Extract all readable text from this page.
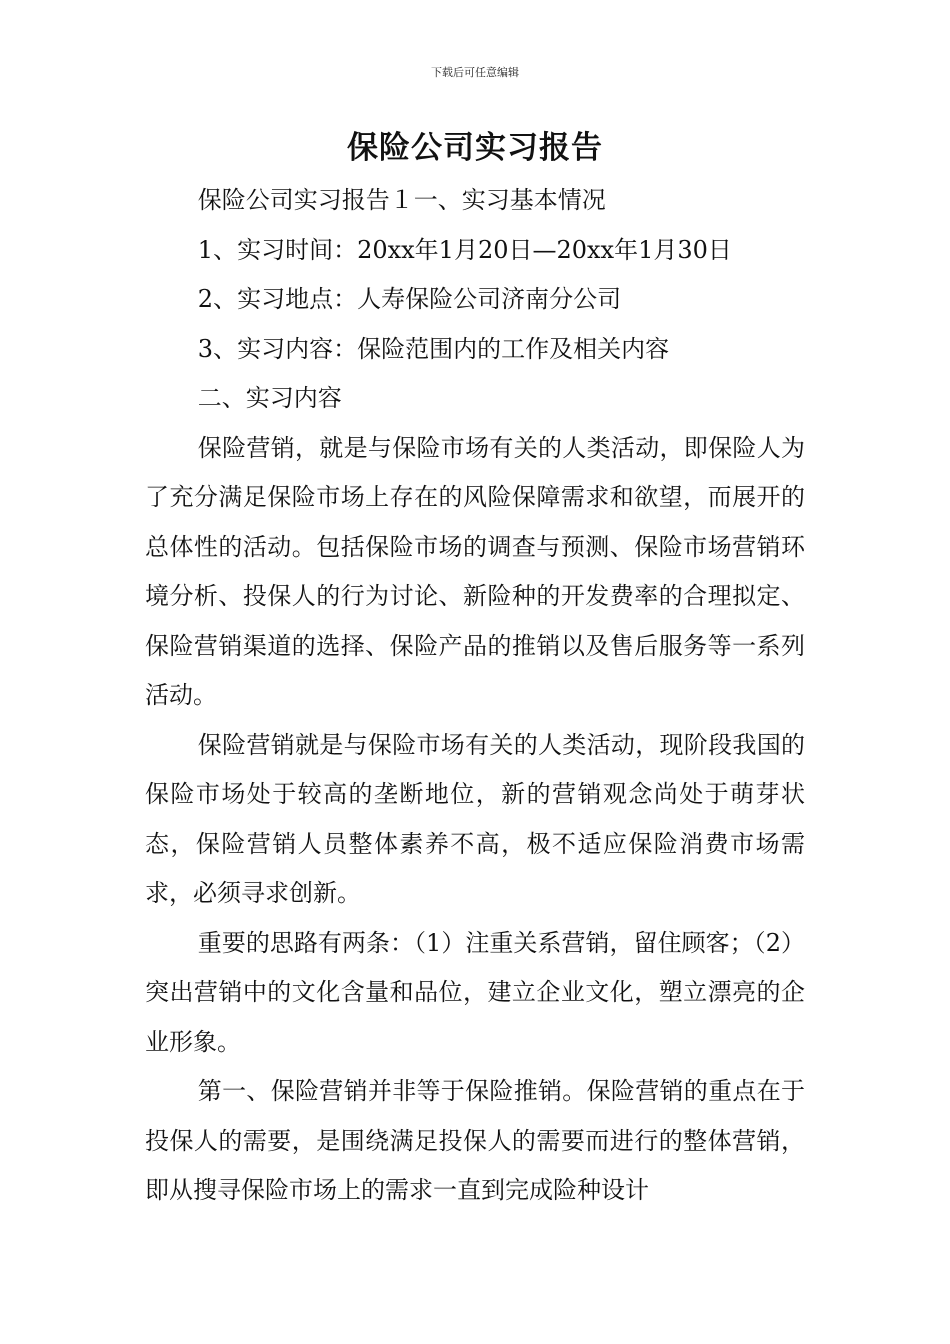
下载后可任意编辑
保险公司实习报告

保险公司实习报告１一、实习基本情况

1、实习时间：20xx年1月20日—20xx年1月30日

2、实习地点：人寿保险公司济南分公司

3、实习内容：保险范围内的工作及相关内容

二、实习内容

保险营销，就是与保险市场有关的人类活动，即保险人为了充分满足保险市场上存在的风险保障需求和欲望，而展开的总体性的活动。包括保险市场的调查与预测、保险市场营销环境分析、投保人的行为讨论、新险种的开发费率的合理拟定、保险营销渠道的选择、保险产品的推销以及售后服务等一系列活动。

保险营销就是与保险市场有关的人类活动，现阶段我国的保险市场处于较高的垄断地位，新的营销观念尚处于萌芽状态，保险营销人员整体素养不高，极不适应保险消费市场需求，必须寻求创新。

重要的思路有两条：（1）注重关系营销，留住顾客；（2）突出营销中的文化含量和品位，建立企业文化，塑立漂亮的企业形象。

第一、保险营销并非等于保险推销。保险营销的重点在于投保人的需要，是围绕满足投保人的需要而进行的整体营销，即从搜寻保险市场上的需求一直到完成险种设计
